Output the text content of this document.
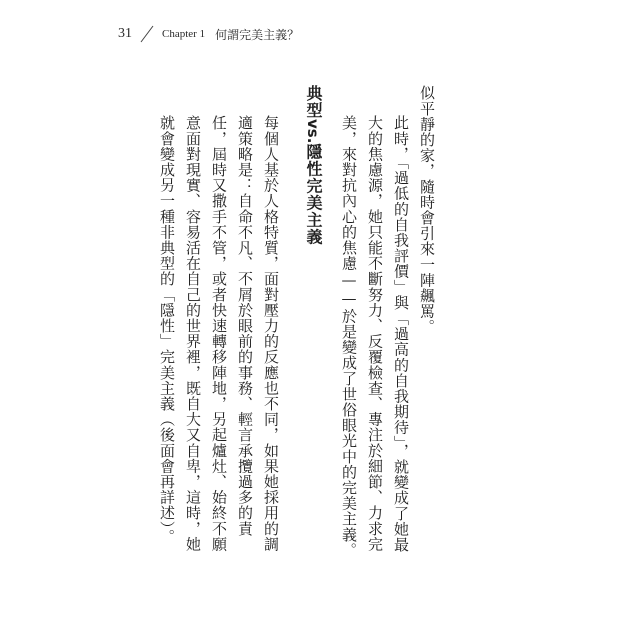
31	Chapter 1 何謂完美主義？

似平靜的家，隨時會引來一陣飆罵。

此時，「過低的自我評價」與「過高的自我期待」，就變成了她最大的焦慮源，她只能不斷努力、反覆檢查、專注於細節、力求完美，來對抗內心的焦慮——於是變成了世俗眼光中的完美主義。

典型vs.隱性完美主義

每個人基於人格特質，面對壓力的反應也不同，如果她採用的調適策略是：自命不凡、不屑於眼前的事務、輕言承攬過多的責任，屆時又撒手不管，或者快速轉移陣地，另起爐灶、始終不願意面對現實、容易活在自己的世界裡，既自大又自卑，這時，她就會變成另一種非典型的「隱性」完美主義（後面會再詳述）。
